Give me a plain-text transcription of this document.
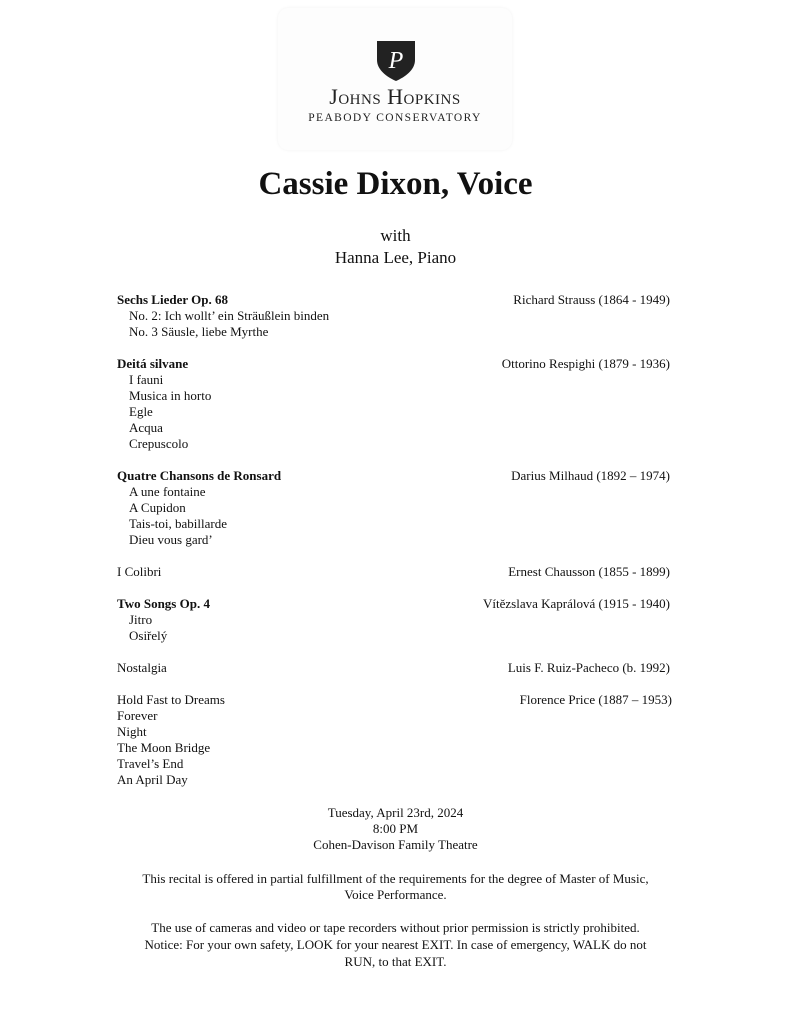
P
Johns Hopkins
PEABODY CONSERVATORY
Cassie Dixon, Voice
with
Hanna Lee, Piano
Sechs Lieder Op. 68	Richard Strauss (1864 - 1949)
No. 2: Ich wollt’ ein Sträußlein binden
No. 3 Säusle, liebe Myrthe
Deitá silvane	Ottorino Respighi (1879 - 1936)
I fauni
Musica in horto
Egle
Acqua
Crepuscolo
Quatre Chansons de Ronsard	Darius Milhaud (1892 – 1974)
A une fontaine
A Cupidon
Tais-toi, babillarde
Dieu vous gard’
I Colibri	Ernest Chausson (1855 - 1899)
Two Songs Op. 4	Vítězslava Kaprálová (1915 - 1940)
Jitro
Osiřelý
Nostalgia	Luis F. Ruiz-Pacheco (b. 1992)
Hold Fast to Dreams	Florence Price (1887 – 1953)
Forever
Night
The Moon Bridge
Travel’s End
An April Day
Tuesday, April 23rd, 2024
8:00 PM
Cohen-Davison Family Theatre
This recital is offered in partial fulfillment of the requirements for the degree of Master of Music,
Voice Performance.
The use of cameras and video or tape recorders without prior permission is strictly prohibited.
Notice: For your own safety, LOOK for your nearest EXIT. In case of emergency, WALK do not
RUN, to that EXIT.
